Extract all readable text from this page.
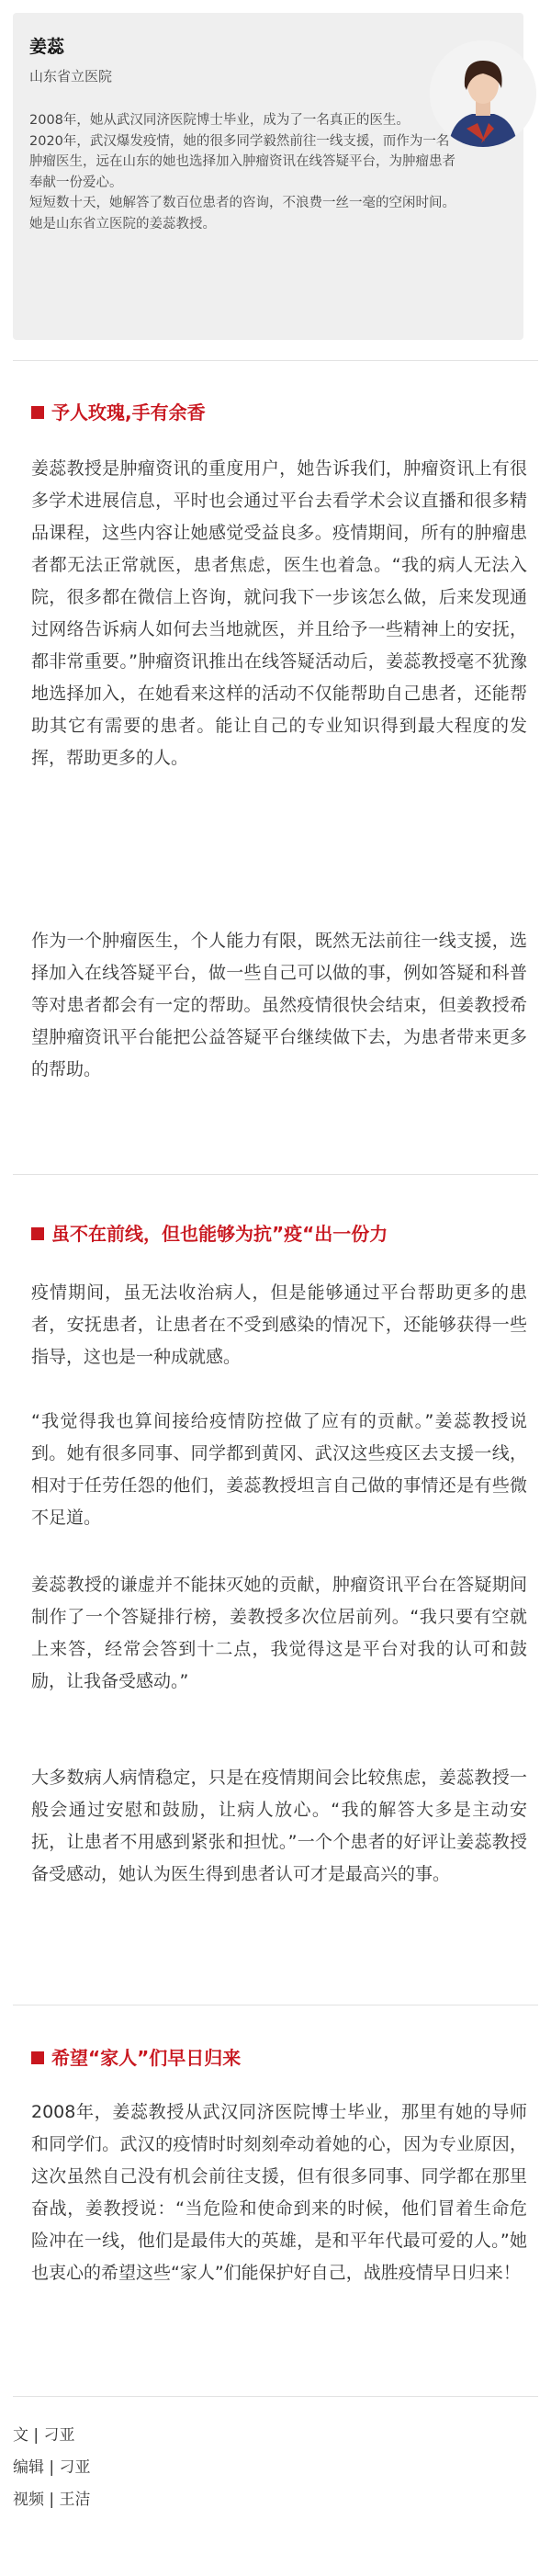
姜蕊
山东省立医院

2008年，她从武汉同济医院博士毕业，成为了一名真正的医生。

2020年，武汉爆发疫情，她的很多同学毅然前往一线支援，而作为一名肿瘤医生，远在山东的她也选择加入肿瘤资讯在线答疑平台，为肿瘤患者奉献一份爱心。

短短数十天，她解答了数百位患者的咨询，不浪费一丝一毫的空闲时间。

她是山东省立医院的姜蕊教授。

予人玫瑰,手有余香

姜蕊教授是肿瘤资讯的重度用户，她告诉我们，肿瘤资讯上有很多学术进展信息，平时也会通过平台去看学术会议直播和很多精品课程，这些内容让她感觉受益良多。疫情期间，所有的肿瘤患者都无法正常就医，患者焦虑，医生也着急。“我的病人无法入院，很多都在微信上咨询，就问我下一步该怎么做，后来发现通过网络告诉病人如何去当地就医，并且给予一些精神上的安抚，都非常重要。”肿瘤资讯推出在线答疑活动后，姜蕊教授毫不犹豫地选择加入，在她看来这样的活动不仅能帮助自己患者，还能帮助其它有需要的患者。能让自己的专业知识得到最大程度的发挥，帮助更多的人。

作为一个肿瘤医生，个人能力有限，既然无法前往一线支援，选择加入在线答疑平台，做一些自己可以做的事，例如答疑和科普等对患者都会有一定的帮助。虽然疫情很快会结束，但姜教授希望肿瘤资讯平台能把公益答疑平台继续做下去，为患者带来更多的帮助。

虽不在前线，但也能够为抗”疫“出一份力

疫情期间，虽无法收治病人，但是能够通过平台帮助更多的患者，安抚患者，让患者在不受到感染的情况下，还能够获得一些指导，这也是一种成就感。

“我觉得我也算间接给疫情防控做了应有的贡献。”姜蕊教授说到。她有很多同事、同学都到黄冈、武汉这些疫区去支援一线，相对于任劳任怨的他们，姜蕊教授坦言自己做的事情还是有些微不足道。

姜蕊教授的谦虚并不能抹灭她的贡献，肿瘤资讯平台在答疑期间制作了一个答疑排行榜，姜教授多次位居前列。“我只要有空就上来答，经常会答到十二点，我觉得这是平台对我的认可和鼓励，让我备受感动。”

大多数病人病情稳定，只是在疫情期间会比较焦虑，姜蕊教授一般会通过安慰和鼓励，让病人放心。“我的解答大多是主动安抚，让患者不用感到紧张和担忧。”一个个患者的好评让姜蕊教授备受感动，她认为医生得到患者认可才是最高兴的事。

希望“家人”们早日归来

2008年，姜蕊教授从武汉同济医院博士毕业，那里有她的导师和同学们。武汉的疫情时时刻刻牵动着她的心，因为专业原因，这次虽然自己没有机会前往支援，但有很多同事、同学都在那里奋战，姜教授说：“当危险和使命到来的时候，他们冒着生命危险冲在一线，他们是最伟大的英雄，是和平年代最可爱的人。”她也衷心的希望这些“家人”们能保护好自己，战胜疫情早日归来！

文 | 刁亚
编辑 | 刁亚
视频 | 王洁
